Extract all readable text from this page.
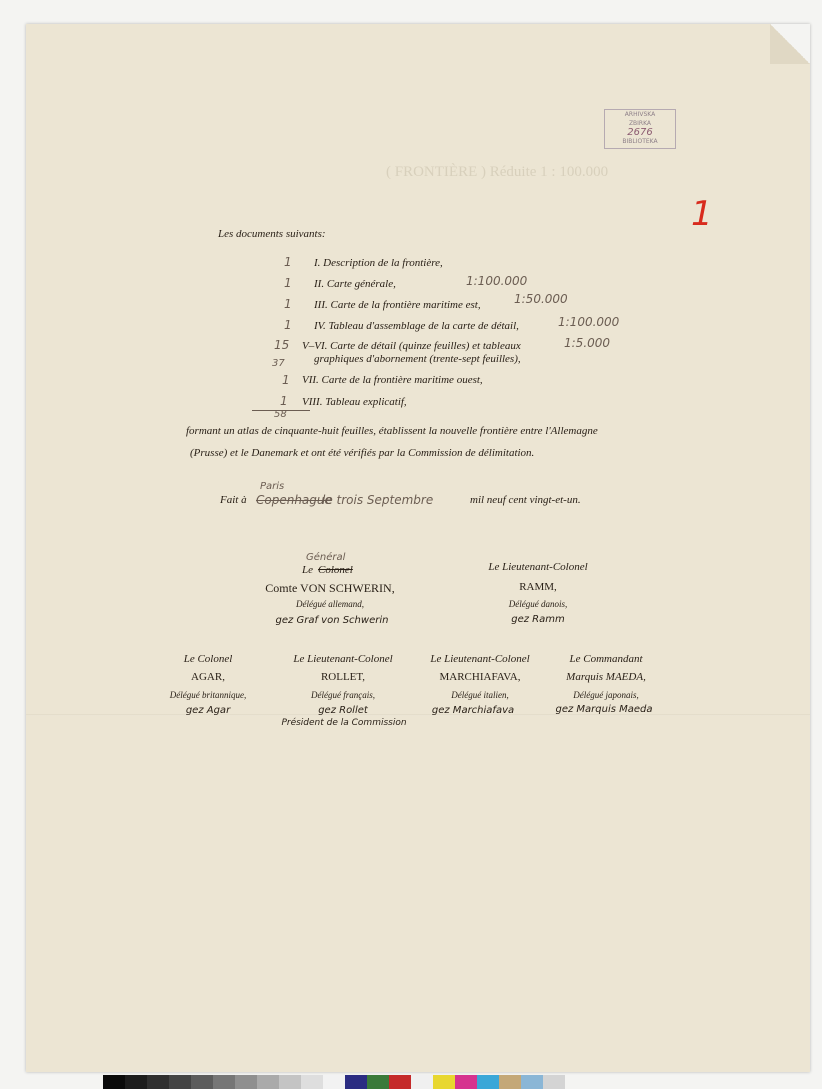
ARHIVSKA
ZBIRKA
2676
BIBLIOTEKA
( FRONTIÈRE ) Réduite 1 : 100.000
1
Les documents suivants:
1 I. Description de la frontière,
1 II. Carte générale,	1:100.000
1 III. Carte de la frontière maritime est,	1:50.000
1 IV. Tableau d'assemblage de la carte de détail,	1:100.000
15 V–VI. Carte de détail (quinze feuilles) et tableaux	1:5.000
37	graphiques d'abornement (trente-sept feuilles),
1 VII. Carte de la frontière maritime ouest,
1 VIII. Tableau explicatif,
58
formant un atlas de cinquante-huit feuilles, établissent la nouvelle frontière entre l'Allemagne
(Prusse) et le Danemark et ont été vérifiés par la Commission de délimitation.
Fait à
Paris
Copenhague
le trois Septembre	mil neuf cent vingt-et-un.
Général
Le Colonel
Comte VON SCHWERIN,
Délégué allemand,
gez Graf von Schwerin
Le Lieutenant-Colonel
RAMM,
Délégué danois,
gez Ramm
Le Colonel
AGAR,
Délégué britannique,
gez Agar
Le Lieutenant-Colonel
ROLLET,
Délégué français,
gez Rollet
Président de la Commission
Le Lieutenant-Colonel
MARCHIAFAVA,
Délégué italien,
gez Marchiafava
Le Commandant
Marquis MAEDA,
Délégué japonais,
gez Marquis Maeda
